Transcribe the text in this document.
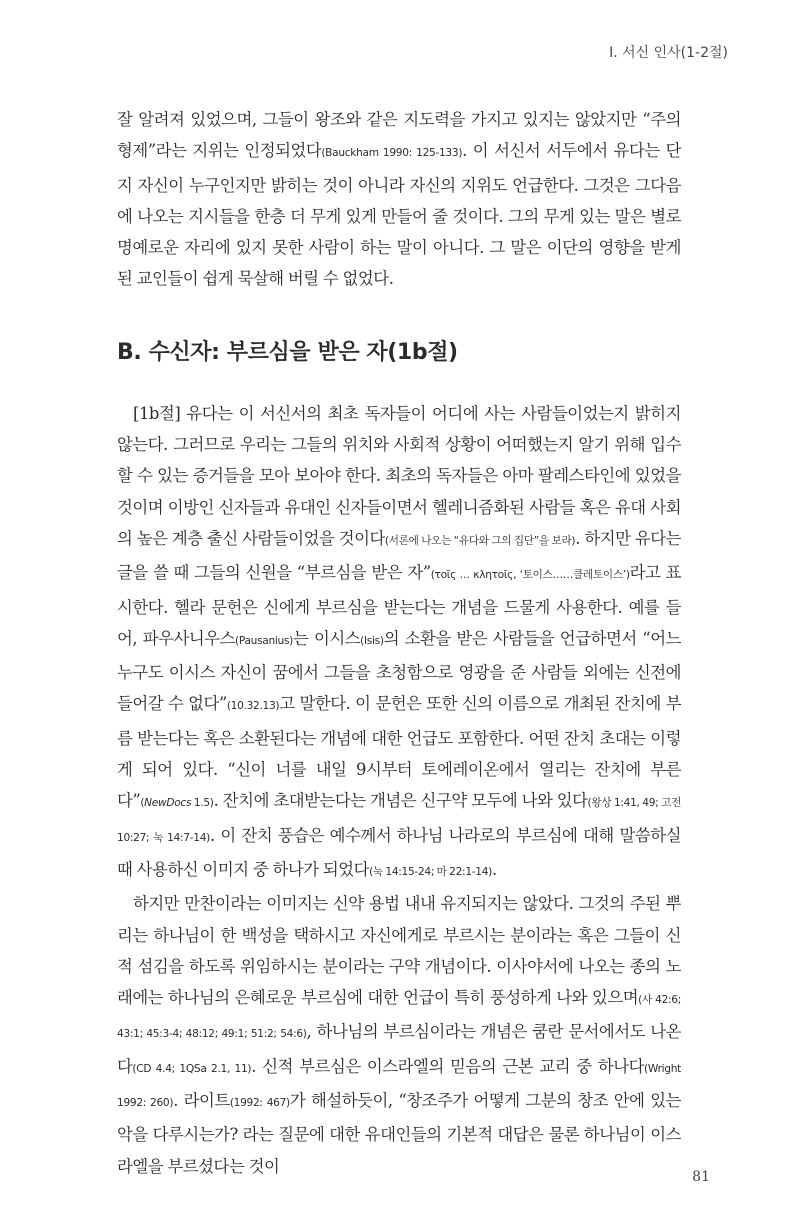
I. 서신 인사(1-2절)

잘 알려져 있었으며, 그들이 왕조와 같은 지도력을 가지고 있지는 않았지만 “주의 형제”라는 지위는 인정되었다(Bauckham 1990: 125-133). 이 서신서 서두에서 유다는 단지 자신이 누구인지만 밝히는 것이 아니라 자신의 지위도 언급한다. 그것은 그다음에 나오는 지시들을 한층 더 무게 있게 만들어 줄 것이다. 그의 무게 있는 말은 별로 명예로운 자리에 있지 못한 사람이 하는 말이 아니다. 그 말은 이단의 영향을 받게 된 교인들이 쉽게 묵살해 버릴 수 없었다.

B. 수신자: 부르심을 받은 자(1b절)

[1b절] 유다는 이 서신서의 최초 독자들이 어디에 사는 사람들이었는지 밝히지 않는다. 그러므로 우리는 그들의 위치와 사회적 상황이 어떠했는지 알기 위해 입수할 수 있는 증거들을 모아 보아야 한다. 최초의 독자들은 아마 팔레스타인에 있었을 것이며 이방인 신자들과 유대인 신자들이면서 헬레니즘화된 사람들 혹은 유대 사회의 높은 계층 출신 사람들이었을 것이다(서론에 나오는 “유다와 그의 집단”을 보라). 하지만 유다는 글을 쓸 때 그들의 신원을 “부르심을 받은 자”(τοῖς … κλητοῖς, ‘토이스……클레토이스’)라고 표시한다. 헬라 문헌은 신에게 부르심을 받는다는 개념을 드물게 사용한다. 예를 들어, 파우사니우스(Pausanius)는 이시스(Isis)의 소환을 받은 사람들을 언급하면서 “어느 누구도 이시스 자신이 꿈에서 그들을 초청함으로 영광을 준 사람들 외에는 신전에 들어갈 수 없다”(10.32.13)고 말한다. 이 문헌은 또한 신의 이름으로 개최된 잔치에 부름 받는다는 혹은 소환된다는 개념에 대한 언급도 포함한다. 어떤 잔치 초대는 이렇게 되어 있다. “신이 너를 내일 9시부터 토에레이온에서 열리는 잔치에 부른다”(NewDocs 1.5). 잔치에 초대받는다는 개념은 신구약 모두에 나와 있다(왕상 1:41, 49; 고전 10:27; 눅 14:7-14). 이 잔치 풍습은 예수께서 하나님 나라로의 부르심에 대해 말씀하실 때 사용하신 이미지 중 하나가 되었다(눅 14:15-24; 마 22:1-14).

하지만 만찬이라는 이미지는 신약 용법 내내 유지되지는 않았다. 그것의 주된 뿌리는 하나님이 한 백성을 택하시고 자신에게로 부르시는 분이라는 혹은 그들이 신적 섬김을 하도록 위임하시는 분이라는 구약 개념이다. 이사야서에 나오는 종의 노래에는 하나님의 은혜로운 부르심에 대한 언급이 특히 풍성하게 나와 있으며(사 42:6; 43:1; 45:3-4; 48:12; 49:1; 51:2; 54:6), 하나님의 부르심이라는 개념은 쿰란 문서에서도 나온다(CD 4.4; 1QSa 2.1, 11). 신적 부르심은 이스라엘의 믿음의 근본 교리 중 하나다(Wright 1992: 260). 라이트(1992: 467)가 해설하듯이, “창조주가 어떻게 그분의 창조 안에 있는 악을 다루시는가? 라는 질문에 대한 유대인들의 기본적 대답은 물론 하나님이 이스라엘을 부르셨다는 것이

81
